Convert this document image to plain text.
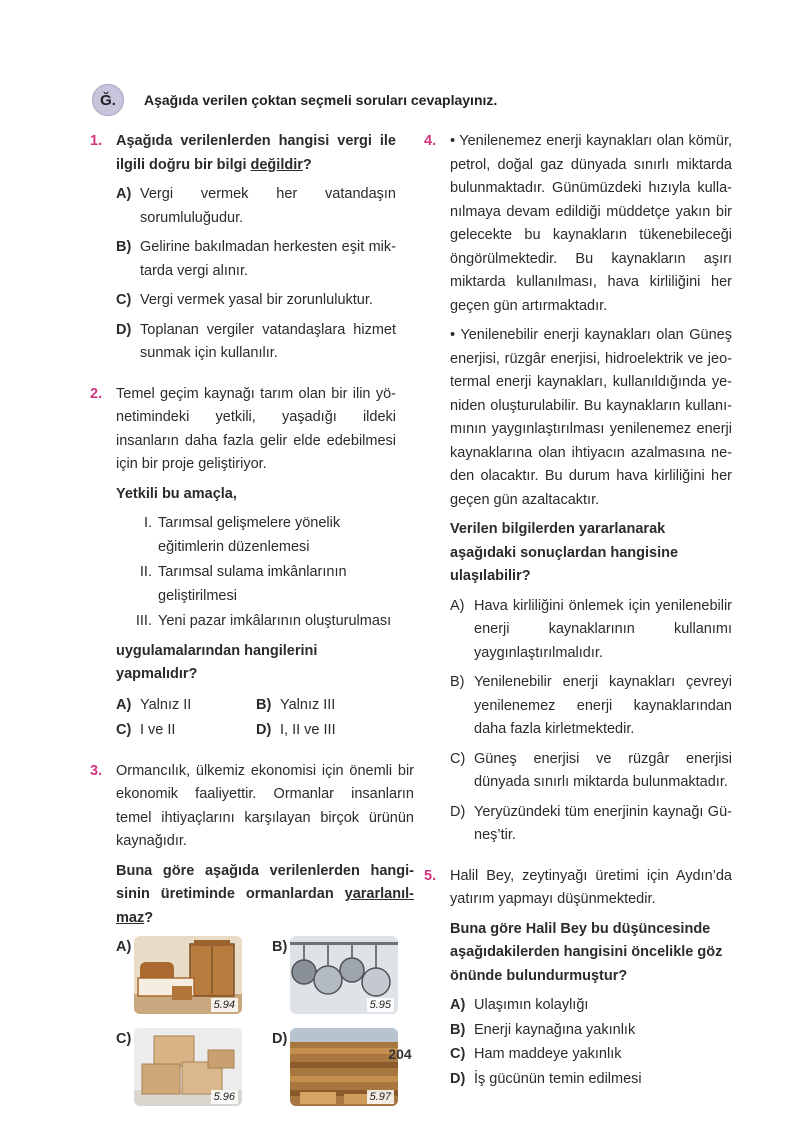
Ğ.	Aşağıda verilen çoktan seçmeli soruları cevaplayınız.
1. Aşağıda verilenlerden hangisi vergi ile ilgili doğru bir bilgi değildir?
A) Vergi vermek her vatandaşın sorumluluğudur.
B) Gelirine bakılmadan herkesten eşit miktarda vergi alınır.
C) Vergi vermek yasal bir zorunluluktur.
D) Toplanan vergiler vatandaşlara hizmet sunmak için kullanılır.
2. Temel geçim kaynağı tarım olan bir ilin yönetimindeki yetkili, yaşadığı ildeki insanların daha fazla gelir elde edebilmesi için bir proje geliştiriyor.
Yetkili bu amaçla,
I. Tarımsal gelişmelere yönelik eğitimlerin düzenlemesi
II. Tarımsal sulama imkânlarının geliştirilmesi
III. Yeni pazar imkâlarının oluşturulması
uygulamalarından hangilerini yapmalıdır?
A) Yalnız II	B) Yalnız III
C) I ve II	D) I, II ve III
3. Ormancılık, ülkemiz ekonomisi için önemli bir ekonomik faaliyettir. Ormanlar insanların temel ihtiyaçlarını karşılayan birçok ürünün kaynağıdır.
Buna göre aşağıda verilenlerden hangisinin üretiminde ormanlardan yararlanılmaz?
A)
5.94
B)
5.95
C)
5.96
D)
5.97
4. • Yenilenemez enerji kaynakları olan kömür, petrol, doğal gaz dünyada sınırlı miktarda bulunmaktadır. Günümüzdeki hızıyla kullanılmaya devam edildiği müddetçe yakın bir gelecekte bu kaynakların tükenebileceği öngörülmektedir. Bu kaynakların aşırı miktarda kullanılması, hava kirliliğini her geçen gün artırmaktadır.
• Yenilenebilir enerji kaynakları olan Güneş enerjisi, rüzgâr enerjisi, hidroelektrik ve jeotermal enerji kaynakları, kullanıldığında yeniden oluşturulabilir. Bu kaynakların kullanımının yaygınlaştırılması yenilenemez enerji kaynaklarına olan ihtiyacın azalmasına neden olacaktır. Bu durum hava kirliliğini her geçen gün azaltacaktır.
Verilen bilgilerden yararlanarak aşağıdaki sonuçlardan hangisine ulaşılabilir?
A) Hava kirliliğini önlemek için yenilenebilir enerji kaynaklarının kullanımı yaygınlaştırılmalıdır.
B) Yenilenebilir enerji kaynakları çevreyi yenilenemez enerji kaynaklarından daha fazla kirletmektedir.
C) Güneş enerjisi ve rüzgâr enerjisi dünyada sınırlı miktarda bulunmaktadır.
D) Yeryüzündeki tüm enerjinin kaynağı Güneş’tir.
5. Halil Bey, zeytinyağı üretimi için Aydın’da yatırım yapmayı düşünmektedir.
Buna göre Halil Bey bu düşüncesinde aşağıdakilerden hangisini öncelikle göz önünde bulundurmuştur?
A) Ulaşımın kolaylığı
B) Enerji kaynağına yakınlık
C) Ham maddeye yakınlık
D) İş gücünün temin edilmesi
204
